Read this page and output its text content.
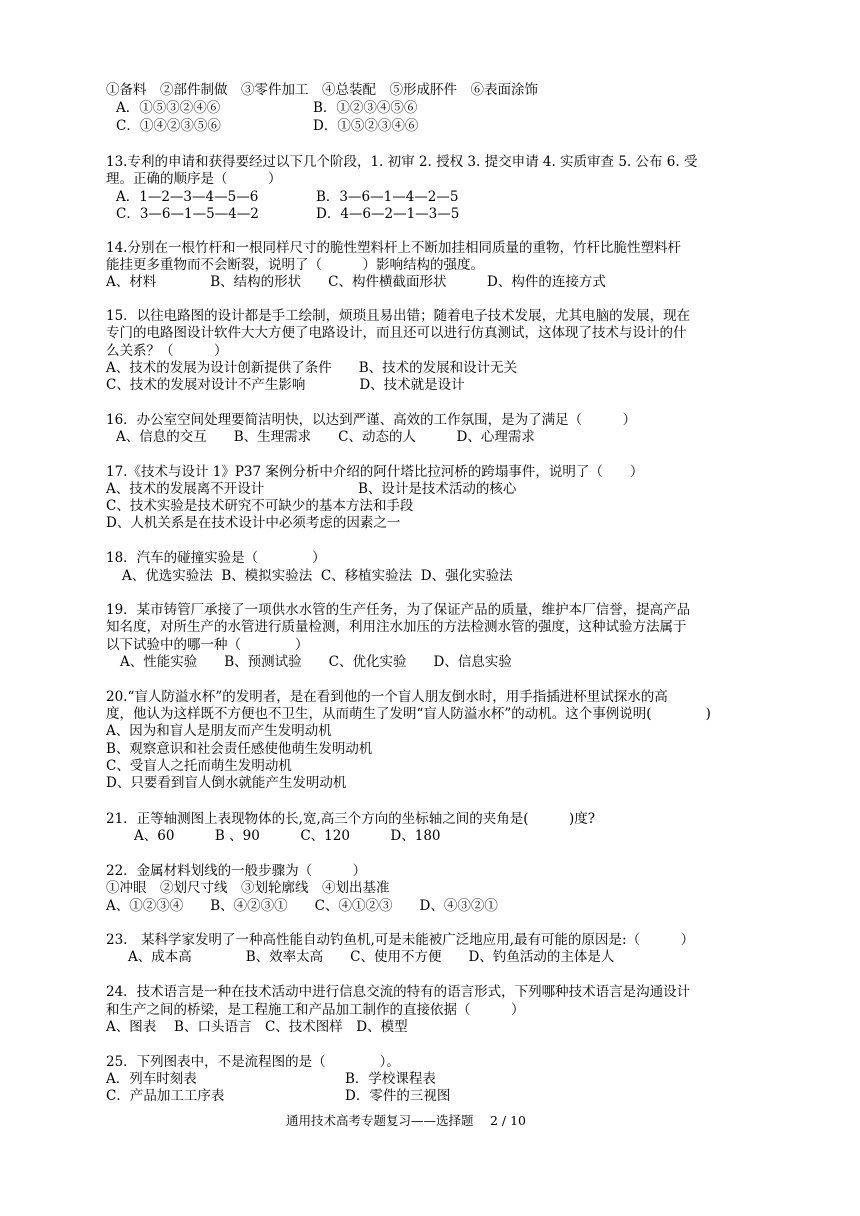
①备料　②部件制做　③零件加工　④总装配　⑤形成肧件　⑥表面涂饰
A．①⑤③②④⑥	B．①②③④⑤⑥
C．①④②③⑤⑥	D．①⑤②③④⑥
13.专利的申请和获得要经过以下几个阶段，1. 初审 2. 授权 3. 提交申请 4. 实质审查 5. 公布 6. 受
理。正确的顺序是（　　　）
A．1—2—3—4—5—6	B．3—6—1—4—2—5
C．3—6—1—5—4—2	D．4—6—2—1—3—5
14.分别在一根竹杆和一根同样尺寸的脆性塑料杆上不断加挂相同质量的重物，竹杆比脆性塑料杆
能挂更多重物而不会断裂，说明了（　　　）影响结构的强度。
A、材料　　　　B、结构的形状　　C、构件横截面形状　　　D、构件的连接方式
15．以往电路图的设计都是手工绘制，烦琐且易出错；随着电子技术发展，尤其电脑的发展，现在
专门的电路图设计软件大大方便了电路设计，而且还可以进行仿真测试，这体现了技术与设计的什
么关系？（　　　）
A、技术的发展为设计创新提供了条件　　B、技术的发展和设计无关
C、技术的发展对设计不产生影响　　　　D、技术就是设计
16．办公室空间处理要简洁明快，以达到严谨、高效的工作氛围，是为了满足（　　　）
A、信息的交互　　B、生理需求　　C、动态的人　　　D、心理需求
17.《技术与设计 1》P37 案例分析中介绍的阿什塔比拉河桥的跨塌事件，说明了（　　）
A、技术的发展离不开设计	B、设计是技术活动的核心
C、技术实验是技术研究不可缺少的基本方法和手段
D、人机关系是在技术设计中必须考虑的因素之一
18．汽车的碰撞实验是（　　　　）
A、优选实验法  B、模拟实验法  C、移植实验法  D、强化实验法
19．某市铸管厂承接了一项供水水管的生产任务，为了保证产品的质量，维护本厂信誉，提高产品
知名度，对所生产的水管进行质量检测，利用注水加压的方法检测水管的强度，这种试验方法属于
以下试验中的哪一种（　　　　）
A、性能实验　　B、预测试验　　C、优化实验　　D、信息实验
20.“盲人防溢水杯”的发明者，是在看到他的一个盲人朋友倒水时，用手指插进杯里试探水的高
度，他认为这样既不方便也不卫生，从而萌生了发明“盲人防溢水杯”的动机。这个事例说明(　　　　)
A、因为和盲人是朋友而产生发明动机
B、观察意识和社会责任感使他萌生发明动机
C、受盲人之托而萌生发明动机
D、只要看到盲人倒水就能产生发明动机
21．正等轴测图上表现物体的长,宽,高三个方向的坐标轴之间的夹角是(　　　)度?
A、60　　　B 、90　　　C、120　　　D、180
22．金属材料划线的一般步骤为（　　　）
①冲眼　②划尺寸线　③划轮廓线　④划出基准
A、①②③④　　B、④②③①　　C、④①②③　　D、④③②①
23.　某科学家发明了一种高性能自动钓鱼机,可是未能被广泛地应用,最有可能的原因是:（　　　）
A、成本高　　　　B、效率太高　　C、使用不方便　　D、钓鱼活动的主体是人
24．技术语言是一种在技术活动中进行信息交流的特有的语言形式，下列哪种技术语言是沟通设计
和生产之间的桥梁，是工程施工和产品加工制作的直接依据（　　　）
A、图表　 B、口头语言　C、技术图样　D、模型
25．下列图表中，不是流程图的是（　　　　）。
A．列车时刻表	B．学校课程表
C．产品加工工序表	D．零件的三视图
通用技术高考专题复习——选择题　 2 / 10
